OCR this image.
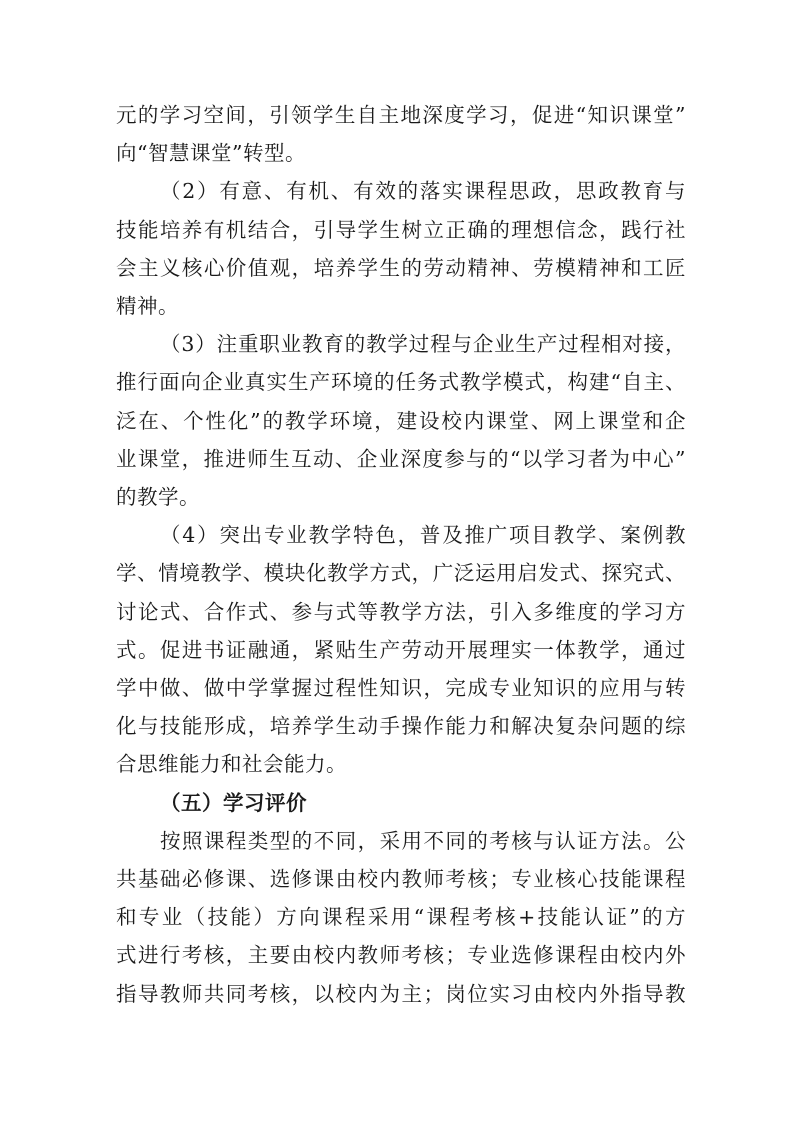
元的学习空间，引领学生自主地深度学习，促进“知识课堂”
向“智慧课堂”转型。
（2）有意、有机、有效的落实课程思政，思政教育与
技能培养有机结合，引导学生树立正确的理想信念，践行社
会主义核心价值观，培养学生的劳动精神、劳模精神和工匠
精神。
（3）注重职业教育的教学过程与企业生产过程相对接，
推行面向企业真实生产环境的任务式教学模式，构建“自主、
泛在、个性化”的教学环境，建设校内课堂、网上课堂和企
业课堂，推进师生互动、企业深度参与的“以学习者为中心”
的教学。
（4）突出专业教学特色，普及推广项目教学、案例教
学、情境教学、模块化教学方式，广泛运用启发式、探究式、
讨论式、合作式、参与式等教学方法，引入多维度的学习方
式。促进书证融通，紧贴生产劳动开展理实一体教学，通过
学中做、做中学掌握过程性知识，完成专业知识的应用与转
化与技能形成，培养学生动手操作能力和解决复杂问题的综
合思维能力和社会能力。
（五）学习评价
按照课程类型的不同，采用不同的考核与认证方法。公
共基础必修课、选修课由校内教师考核；专业核心技能课程
和专业（技能）方向课程采用“课程考核+技能认证”的方
式进行考核，主要由校内教师考核；专业选修课程由校内外
指导教师共同考核，以校内为主；岗位实习由校内外指导教
